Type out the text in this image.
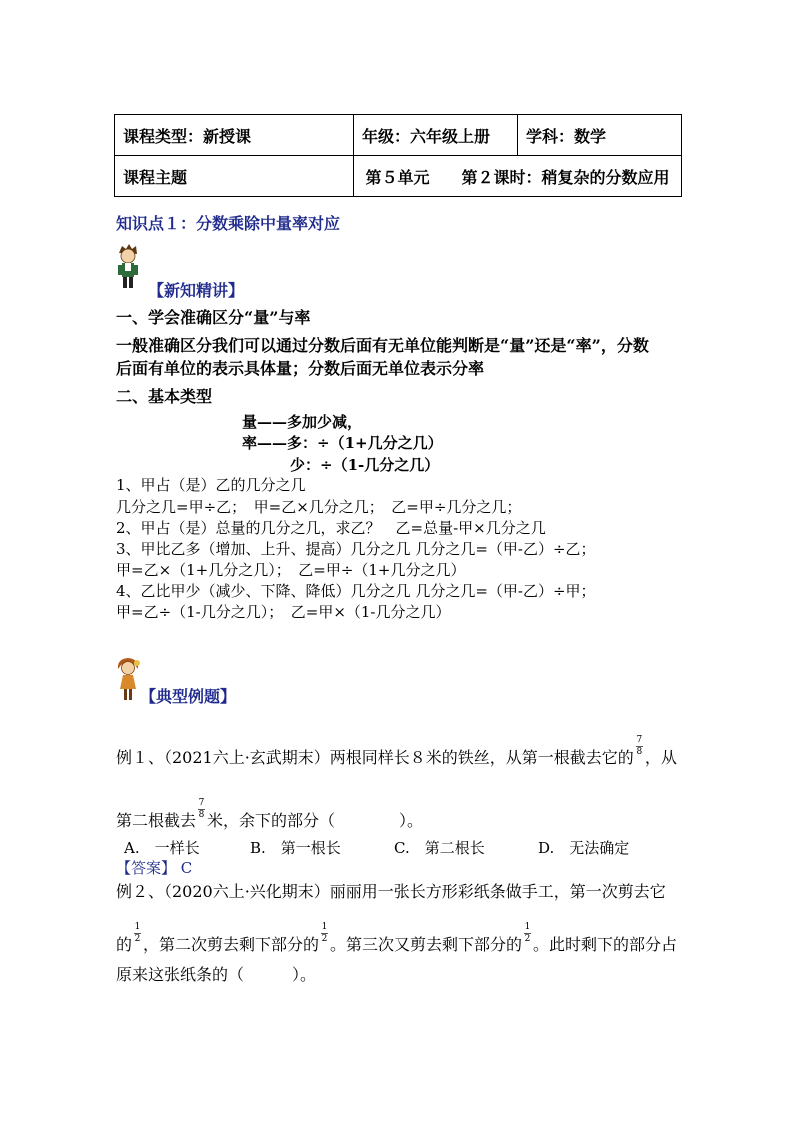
课程类型：新授课	年级：六年级上册	学科：数学
课程主题	第５单元　　第２课时：稍复杂的分数应用	
知识点１：分数乘除中量率对应
【新知精讲】
一、学会准确区分“量”与率
一般准确区分我们可以通过分数后面有无单位能判断是“量”还是“率”，分数
后面有单位的表示具体量；分数后面无单位表示分率
二、基本类型
量——多加少减，
率——多：÷（1+几分之几）
少：÷（1-几分之几）
1、甲占（是）乙的几分之几
几分之几=甲÷乙；　甲=乙×几分之几；　乙=甲÷几分之几；
2、甲占（是）总量的几分之几，求乙？　乙=总量-甲×几分之几
3、甲比乙多（增加、上升、提高）几分之几 几分之几=（甲-乙）÷乙；
甲=乙×（1+几分之几）；　乙=甲÷（1+几分之几）
4、乙比甲少（减少、下降、降低）几分之几 几分之几=（甲-乙）÷甲；
甲=乙÷（1-几分之几）；　乙=甲×（1-几分之几）
【典型例题】
例１、（2021六上·玄武期末）两根同样长８米的铁丝，从第一根截去它的
$\frac{7}{8}$
，从
第二根截去
$\frac{7}{8}$
米，余下的部分（　　　　）。
A.　一样长	B.　第一根长	C.　第二根长	D.　无法确定
【答案】 C
例２、（2020六上·兴化期末）丽丽用一张长方形彩纸条做手工，第一次剪去它
的
$\frac{1}{2}$
，第二次剪去剩下部分的
$\frac{1}{2}$
。第三次又剪去剩下部分的
$\frac{1}{2}$
。此时剩下的部分占
原来这张纸条的（　　　）。
